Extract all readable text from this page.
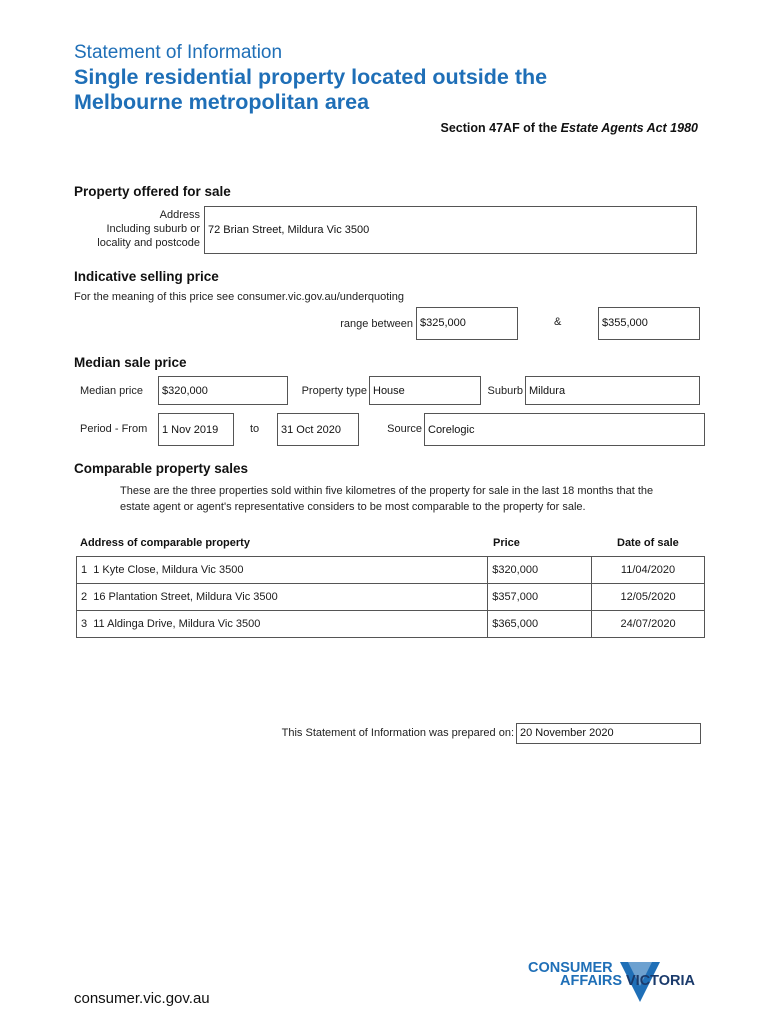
Statement of Information
Single residential property located outside the
Melbourne metropolitan area
Section 47AF of the Estate Agents Act 1980
Property offered for sale
Address
Including suburb or
locality and postcode
72 Brian Street, Mildura Vic 3500
Indicative selling price
For the meaning of this price see consumer.vic.gov.au/underquoting
range between $325,000	&	$355,000
Median sale price
Median price	$320,000	Property type House	Suburb Mildura
Period - From	1 Nov 2019	to	31 Oct 2020	Source Corelogic
Comparable property sales
These are the three properties sold within five kilometres of the property for sale in the last 18 months that the
estate agent or agent's representative considers to be most comparable to the property for sale.
Address of comparable property	Price	Date of sale
1 1 Kyte Close, Mildura Vic 3500	$320,000	11/04/2020
2 16 Plantation Street, Mildura Vic 3500	$357,000	12/05/2020
3 11 Aldinga Drive, Mildura Vic 3500	$365,000	24/07/2020
This Statement of Information was prepared on: 20 November 2020
consumer.vic.gov.au
CONSUMER
AFFAIRS VICTORIA
